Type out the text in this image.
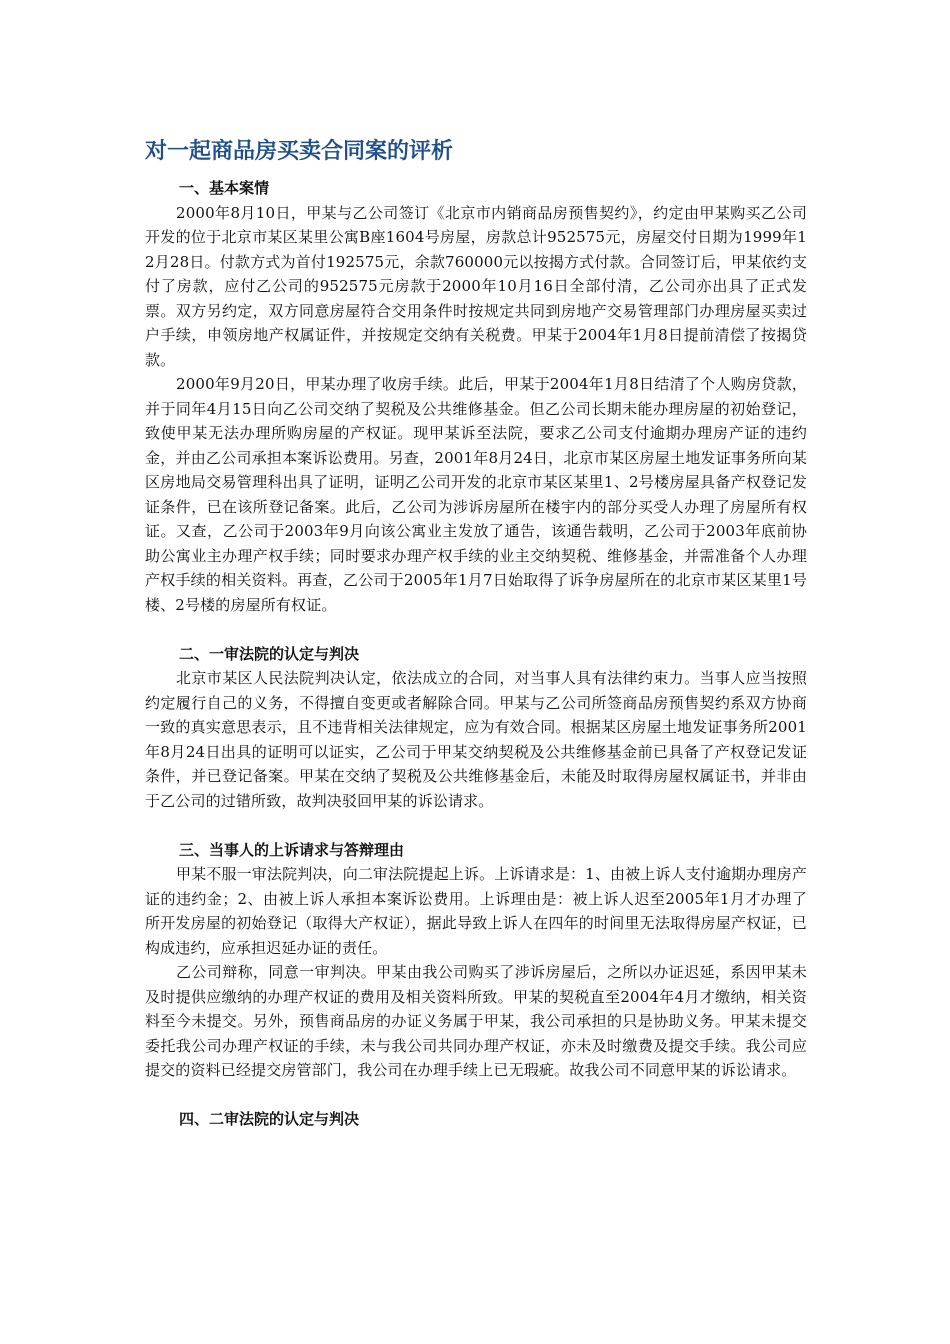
对一起商品房买卖合同案的评析

一、基本案情

2000年8月10日，甲某与乙公司签订《北京市内销商品房预售契约》，约定由甲某购买乙公司开发的位于北京市某区某里公寓B座1604号房屋，房款总计952575元，房屋交付日期为1999年12月28日。付款方式为首付192575元，余款760000元以按揭方式付款。合同签订后，甲某依约支付了房款，应付乙公司的952575元房款于2000年10月16日全部付清，乙公司亦出具了正式发票。双方另约定，双方同意房屋符合交用条件时按规定共同到房地产交易管理部门办理房屋买卖过户手续，申领房地产权属证件，并按规定交纳有关税费。甲某于2004年1月8日提前清偿了按揭贷款。

2000年9月20日，甲某办理了收房手续。此后，甲某于2004年1月8日结清了个人购房贷款，并于同年4月15日向乙公司交纳了契税及公共维修基金。但乙公司长期未能办理房屋的初始登记，致使甲某无法办理所购房屋的产权证。现甲某诉至法院，要求乙公司支付逾期办理房产证的违约金，并由乙公司承担本案诉讼费用。另查，2001年8月24日，北京市某区房屋土地发证事务所向某区房地局交易管理科出具了证明，证明乙公司开发的北京市某区某里1、2号楼房屋具备产权登记发证条件，已在该所登记备案。此后，乙公司为涉诉房屋所在楼宇内的部分买受人办理了房屋所有权证。又查，乙公司于2003年9月向该公寓业主发放了通告，该通告载明，乙公司于2003年底前协助公寓业主办理产权手续；同时要求办理产权手续的业主交纳契税、维修基金，并需准备个人办理产权手续的相关资料。再查，乙公司于2005年1月7日始取得了诉争房屋所在的北京市某区某里1号楼、2号楼的房屋所有权证。

二、一审法院的认定与判决

北京市某区人民法院判决认定，依法成立的合同，对当事人具有法律约束力。当事人应当按照约定履行自己的义务，不得擅自变更或者解除合同。甲某与乙公司所签商品房预售契约系双方协商一致的真实意思表示，且不违背相关法律规定，应为有效合同。根据某区房屋土地发证事务所2001年8月24日出具的证明可以证实，乙公司于甲某交纳契税及公共维修基金前已具备了产权登记发证条件，并已登记备案。甲某在交纳了契税及公共维修基金后，未能及时取得房屋权属证书，并非由于乙公司的过错所致，故判决驳回甲某的诉讼请求。

三、当事人的上诉请求与答辩理由

甲某不服一审法院判决，向二审法院提起上诉。上诉请求是：1、由被上诉人支付逾期办理房产证的违约金；2、由被上诉人承担本案诉讼费用。上诉理由是：被上诉人迟至2005年1月才办理了所开发房屋的初始登记（取得大产权证），据此导致上诉人在四年的时间里无法取得房屋产权证，已构成违约，应承担迟延办证的责任。

乙公司辩称，同意一审判决。甲某由我公司购买了涉诉房屋后，之所以办证迟延，系因甲某未及时提供应缴纳的办理产权证的费用及相关资料所致。甲某的契税直至2004年4月才缴纳，相关资料至今未提交。另外，预售商品房的办证义务属于甲某，我公司承担的只是协助义务。甲某未提交委托我公司办理产权证的手续，未与我公司共同办理产权证，亦未及时缴费及提交手续。我公司应提交的资料已经提交房管部门，我公司在办理手续上已无瑕疵。故我公司不同意甲某的诉讼请求。

四、二审法院的认定与判决
